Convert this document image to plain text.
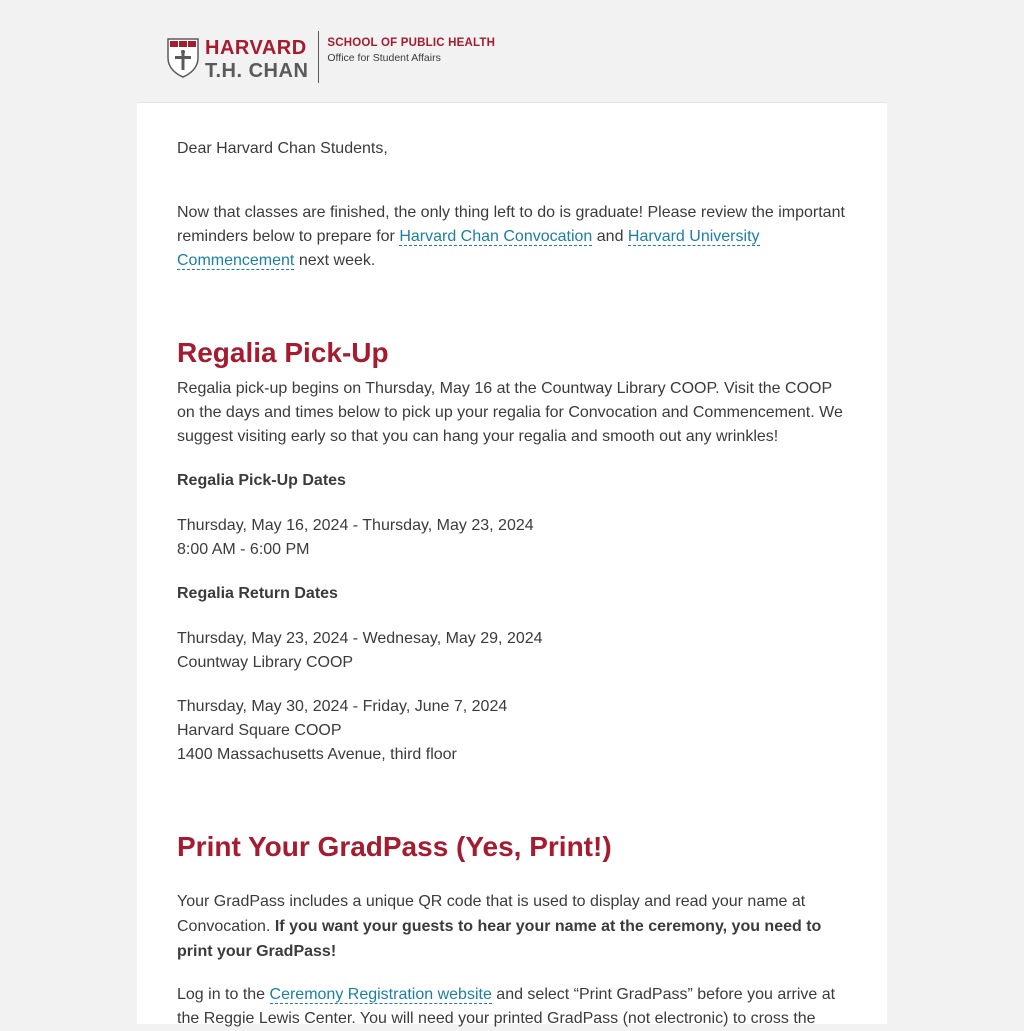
HARVARD
T.H. CHAN
SCHOOL OF PUBLIC HEALTH
Office for Student Affairs

Dear Harvard Chan Students,

Now that classes are finished, the only thing left to do is graduate! Please review the important reminders below to prepare for Harvard Chan Convocation and Harvard University Commencement next week.

Regalia Pick-Up

Regalia pick-up begins on Thursday, May 16 at the Countway Library COOP. Visit the COOP on the days and times below to pick up your regalia for Convocation and Commencement. We suggest visiting early so that you can hang your regalia and smooth out any wrinkles!

Regalia Pick-Up Dates

Thursday, May 16, 2024 - Thursday, May 23, 2024
8:00 AM - 6:00 PM

Regalia Return Dates

Thursday, May 23, 2024 - Wednesay, May 29, 2024
Countway Library COOP
Thursday, May 30, 2024 - Friday, June 7, 2024
Harvard Square COOP
1400 Massachusetts Avenue, third floor
Print Your GradPass (Yes, Print!)

Your GradPass includes a unique QR code that is used to display and read your name at Convocation. If you want your guests to hear your name at the ceremony, you need to print your GradPass!

Log in to the Ceremony Registration website and select “Print GradPass” before you arrive at the Reggie Lewis Center. You will need your printed GradPass (not electronic) to cross the
